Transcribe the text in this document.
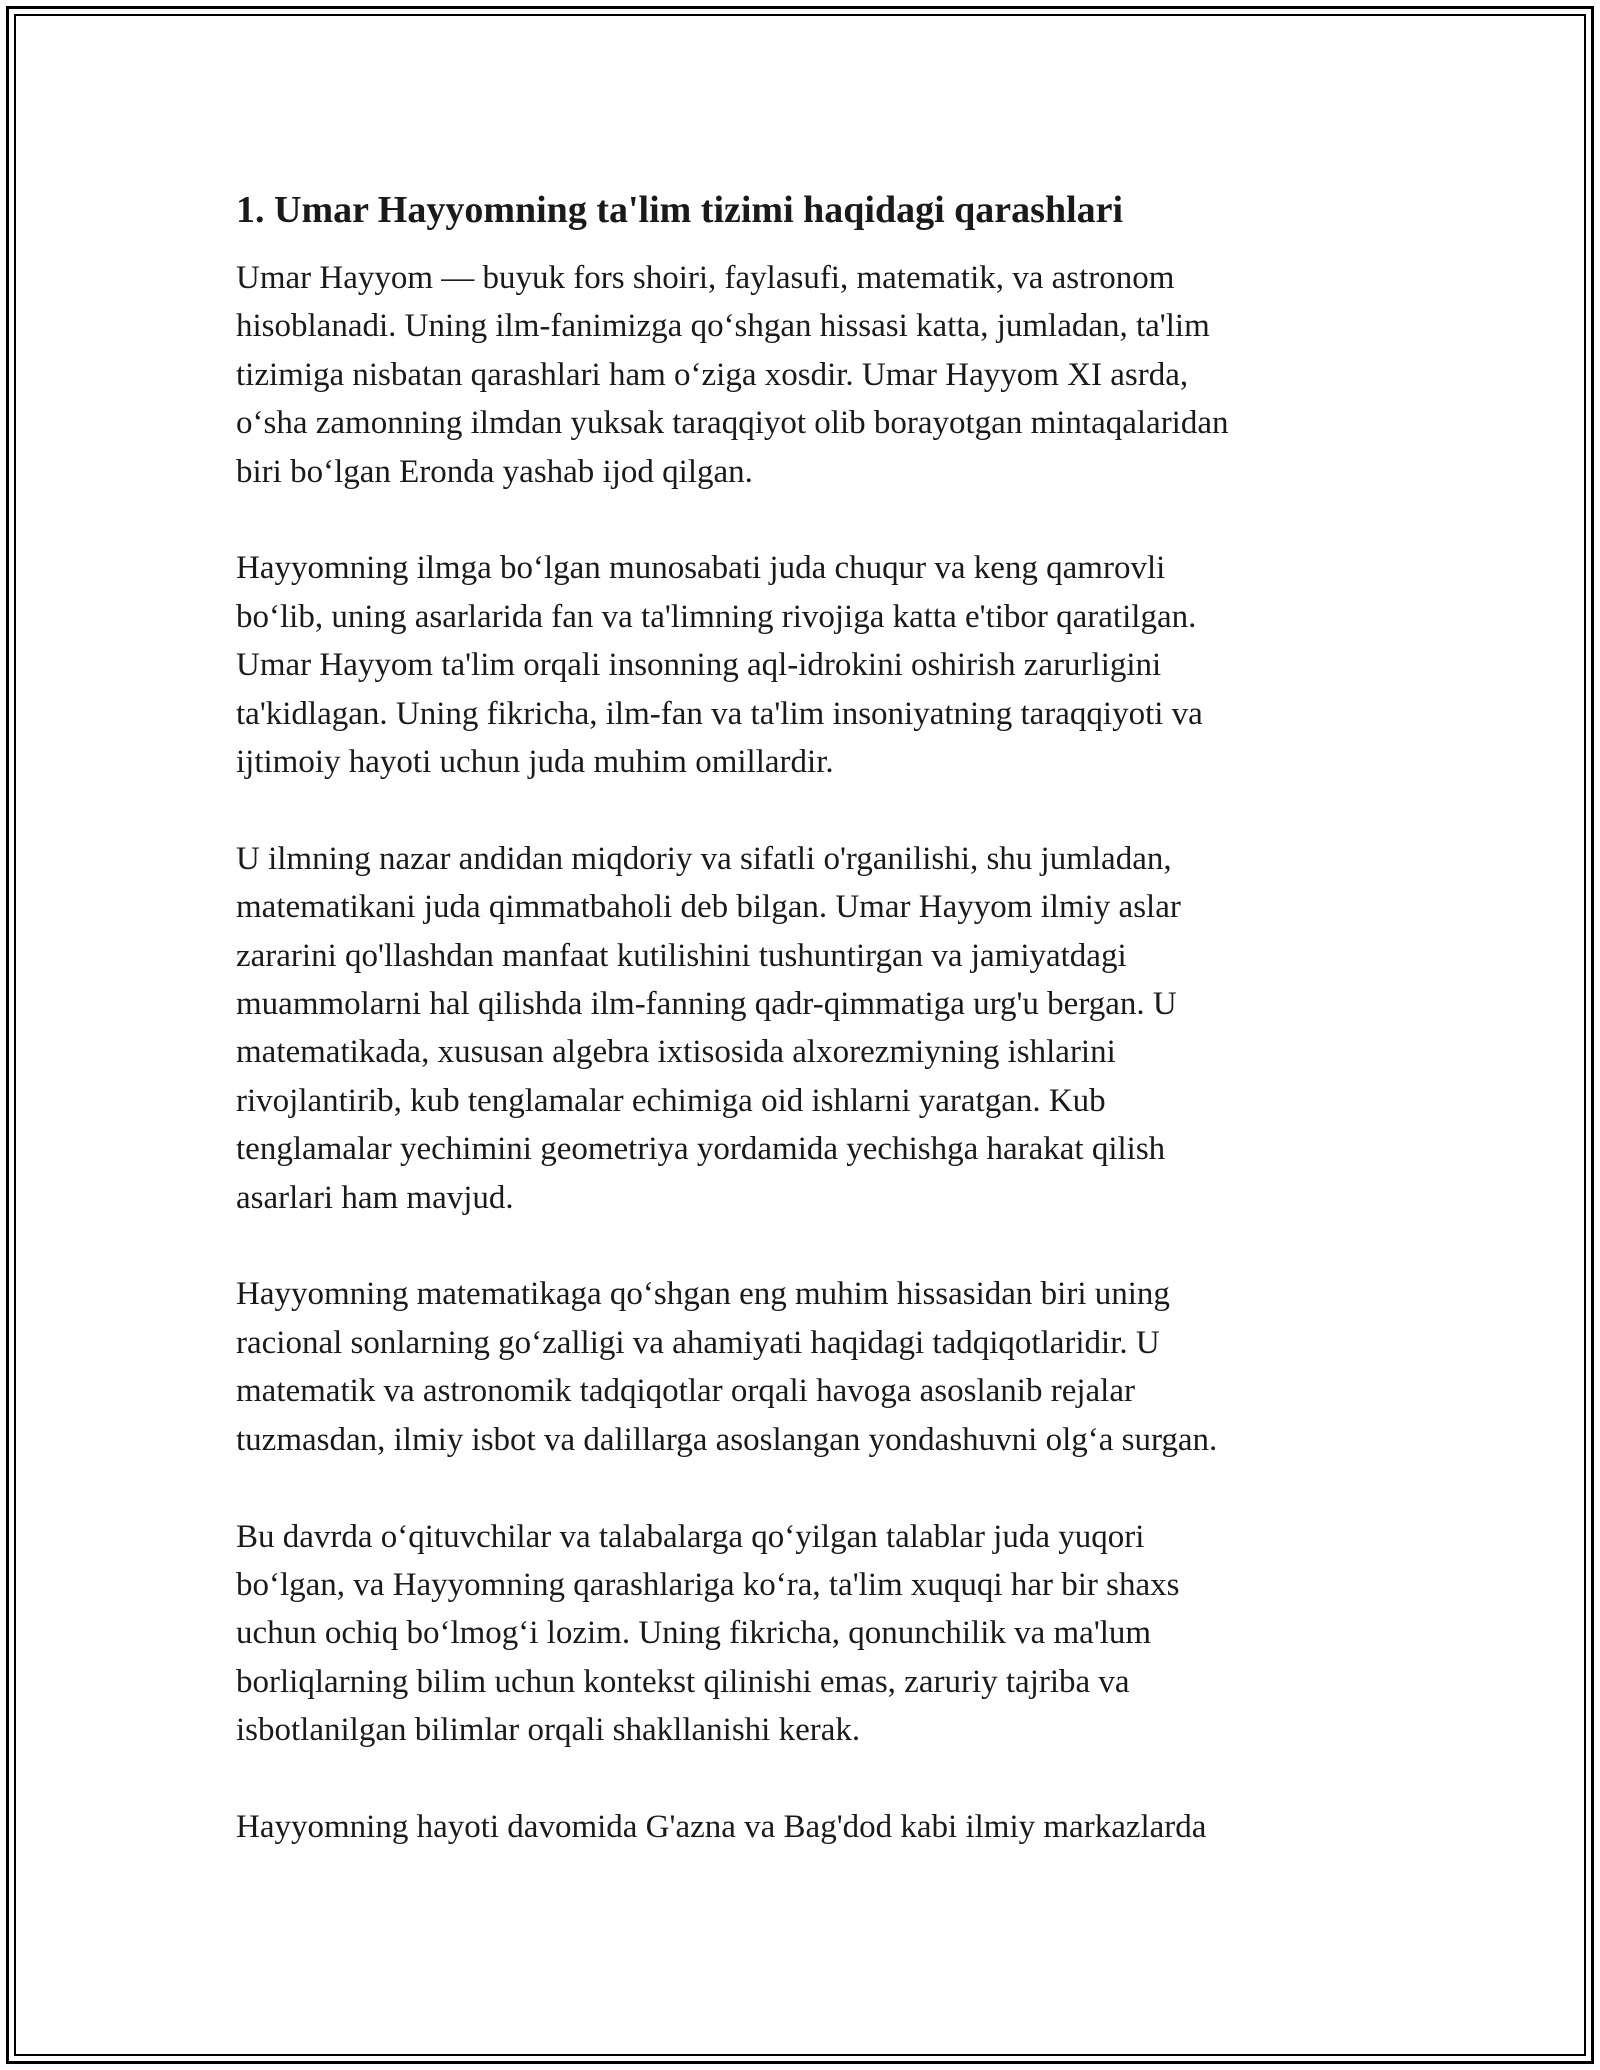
1. Umar Hayyomning ta'lim tizimi haqidagi qarashlari

Umar Hayyom — buyuk fors shoiri, faylasufi, matematik, va astronom
hisoblanadi. Uning ilm-fanimizga qo‘shgan hissasi katta, jumladan, ta'lim
tizimiga nisbatan qarashlari ham o‘ziga xosdir. Umar Hayyom XI asrda,
o‘sha zamonning ilmdan yuksak taraqqiyot olib borayotgan mintaqalaridan
biri bo‘lgan Eronda yashab ijod qilgan.

Hayyomning ilmga bo‘lgan munosabati juda chuqur va keng qamrovli
bo‘lib, uning asarlarida fan va ta'limning rivojiga katta e'tibor qaratilgan.
Umar Hayyom ta'lim orqali insonning aql-idrokini oshirish zarurligini
ta'kidlagan. Uning fikricha, ilm-fan va ta'lim insoniyatning taraqqiyoti va
ijtimoiy hayoti uchun juda muhim omillardir.

U ilmning nazar andidan miqdoriy va sifatli o'rganilishi, shu jumladan,
matematikani juda qimmatbaholi deb bilgan. Umar Hayyom ilmiy aslar
zararini qo'llashdan manfaat kutilishini tushuntirgan va jamiyatdagi
muammolarni hal qilishda ilm-fanning qadr-qimmatiga urg'u bergan. U
matematikada, xususan algebra ixtisosida alxorezmiyning ishlarini
rivojlantirib, kub tenglamalar echimiga oid ishlarni yaratgan. Kub
tenglamalar yechimini geometriya yordamida yechishga harakat qilish
asarlari ham mavjud.

Hayyomning matematikaga qo‘shgan eng muhim hissasidan biri uning
racional sonlarning go‘zalligi va ahamiyati haqidagi tadqiqotlaridir. U
matematik va astronomik tadqiqotlar orqali havoga asoslanib rejalar
tuzmasdan, ilmiy isbot va dalillarga asoslangan yondashuvni olg‘a surgan.

Bu davrda o‘qituvchilar va talabalarga qo‘yilgan talablar juda yuqori
bo‘lgan, va Hayyomning qarashlariga ko‘ra, ta'lim xuquqi har bir shaxs
uchun ochiq bo‘lmog‘i lozim. Uning fikricha, qonunchilik va ma'lum
borliqlarning bilim uchun kontekst qilinishi emas, zaruriy tajriba va
isbotlanilgan bilimlar orqali shakllanishi kerak.

Hayyomning hayoti davomida G'azna va Bag'dod kabi ilmiy markazlarda
